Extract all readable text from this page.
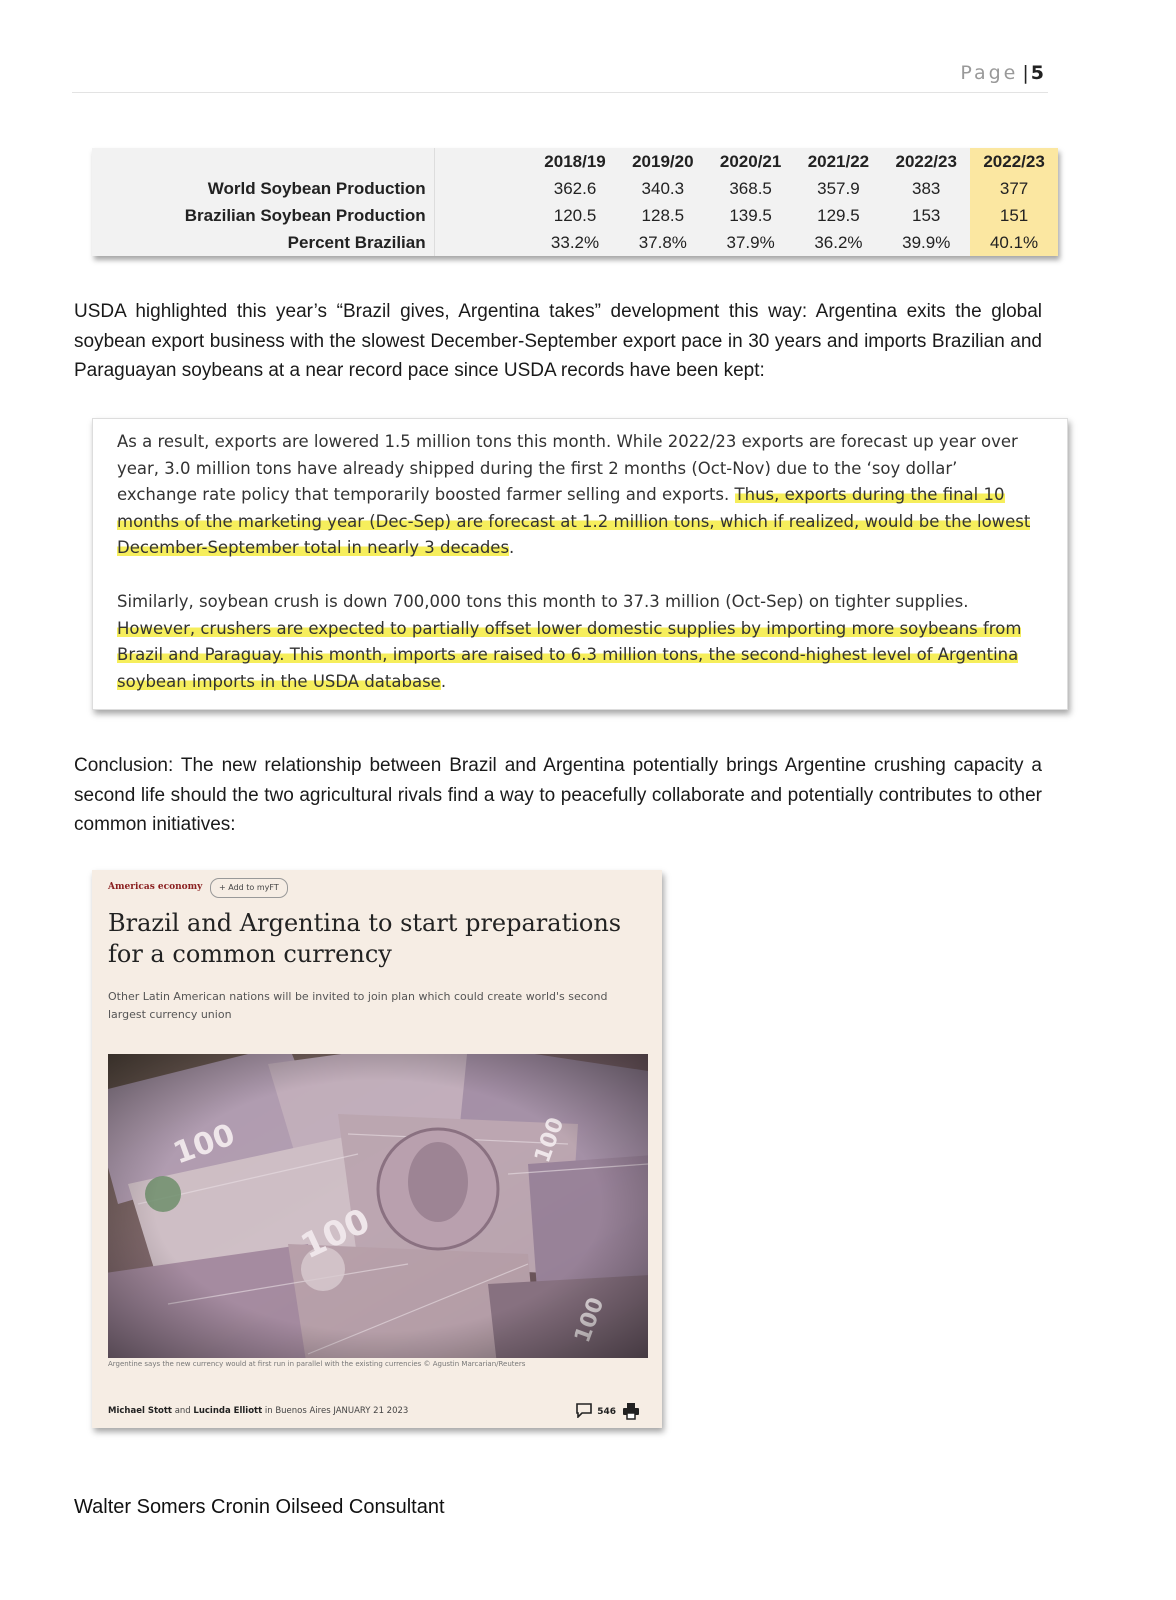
Page | 5
		2018/19	2019/20	2020/21	2021/22	2022/23	2022/23
World Soybean Production		362.6	340.3	368.5	357.9	383	377
Brazilian Soybean Production		120.5	128.5	139.5	129.5	153	151
Percent Brazilian		33.2%	37.8%	37.9%	36.2%	39.9%	40.1%
USDA highlighted this year’s “Brazil gives, Argentina takes” development this way: Argentina exits the global soybean export business with the slowest December-September export pace in 30 years and imports Brazilian and Paraguayan soybeans at a near record pace since USDA records have been kept:

As a result, exports are lowered 1.5 million tons this month. While 2022/23 exports are forecast up year over year, 3.0 million tons have already shipped during the first 2 months (Oct-Nov) due to the ‘soy dollar’ exchange rate policy that temporarily boosted farmer selling and exports. Thus, exports during the final 10 months of the marketing year (Dec-Sep) are forecast at 1.2 million tons, which if realized, would be the lowest December-September total in nearly 3 decades.

Similarly, soybean crush is down 700,000 tons this month to 37.3 million (Oct-Sep) on tighter supplies. However, crushers are expected to partially offset lower domestic supplies by importing more soybeans from Brazil and Paraguay. This month, imports are raised to 6.3 million tons, the second-highest level of Argentina soybean imports in the USDA database.

Conclusion: The new relationship between Brazil and Argentina potentially brings Argentine crushing capacity a second life should the two agricultural rivals find a way to peacefully collaborate and potentially contributes to other common initiatives:
Americas economy	+ Add to myFT
Brazil and Argentina to start preparations for a common currency
Other Latin American nations will be invited to join plan which could create world's second largest currency union
Argentine says the new currency would at first run in parallel with the existing currencies © Agustin Marcarian/Reuters
Michael Stott and Lucinda Elliott in Buenos Aires JANUARY 21 2023	546
Walter Somers Cronin Oilseed Consultant
